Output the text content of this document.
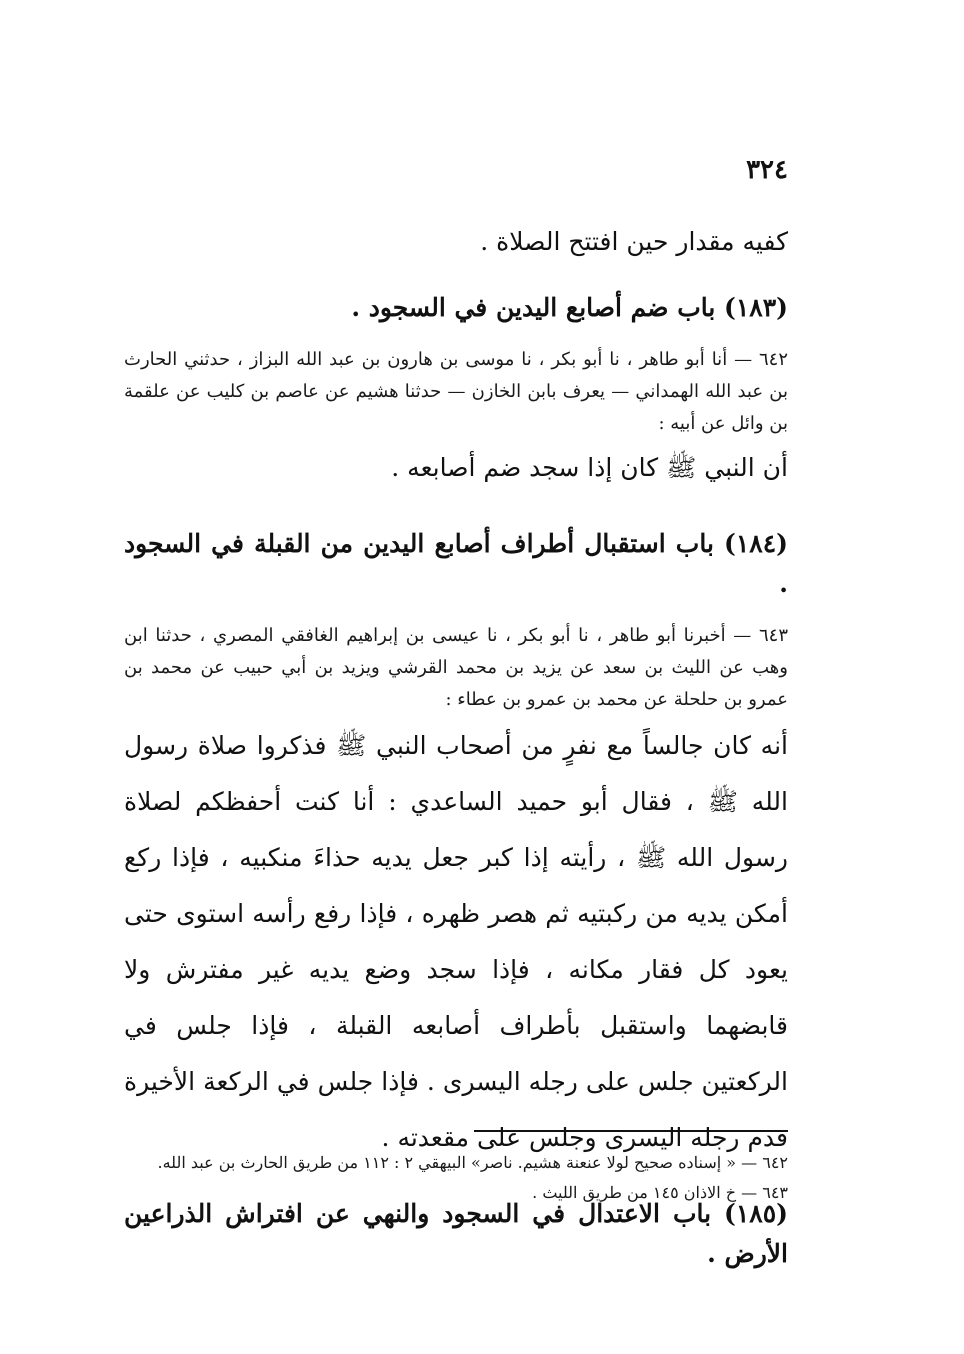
٣٢٤

كفيه مقدار حين افتتح الصلاة .

(١٨٣) باب ضم أصابع اليدين في السجود .

٦٤٢ — أنا أبو طاهر ، نا أبو بكر ، نا موسى بن هارون بن عبد الله البزاز ، حدثني الحارث بن عبد الله الهمداني — يعرف بابن الخازن — حدثنا هشيم عن عاصم بن كليب عن علقمة بن وائل عن أبيه :

أن النبي ﷺ كان إذا سجد ضم أصابعه .

(١٨٤) باب استقبال أطراف أصابع اليدين من القبلة في السجود .

٦٤٣ — أخبرنا أبو طاهر ، نا أبو بكر ، نا عيسى بن إبراهيم الغافقي المصري ، حدثنا ابن وهب عن الليث بن سعد عن يزيد بن محمد القرشي ويزيد بن أبي حبيب عن محمد بن عمرو بن حلحلة عن محمد بن عمرو بن عطاء :

أنه كان جالساً مع نفرٍ من أصحاب النبي ﷺ فذكروا صلاة رسول الله ﷺ ، فقال أبو حميد الساعدي : أنا كنت أحفظكم لصلاة رسول الله ﷺ ، رأيته إذا كبر جعل يديه حذاءَ منكبيه ، فإذا ركع أمكن يديه من ركبتيه ثم هصر ظهره ، فإذا رفع رأسه استوى حتى يعود كل فقار مكانه ، فإذا سجد وضع يديه غير مفترش ولا قابضهما واستقبل بأطراف أصابعه القبلة ، فإذا جلس في الركعتين جلس على رجله اليسرى . فإذا جلس في الركعة الأخيرة قدم رجله اليسرى وجلس على مقعدته .

(١٨٥) باب الاعتدال في السجود والنهي عن افتراش الذراعين الأرض .

٦٤٢ — « إسناده صحيح لولا عنعنة هشيم. ناصر» البيهقي ٢ : ١١٢ من طريق الحارث بن عبد الله.

٦٤٣ — خ الاذان ١٤٥ من طريق الليث .
